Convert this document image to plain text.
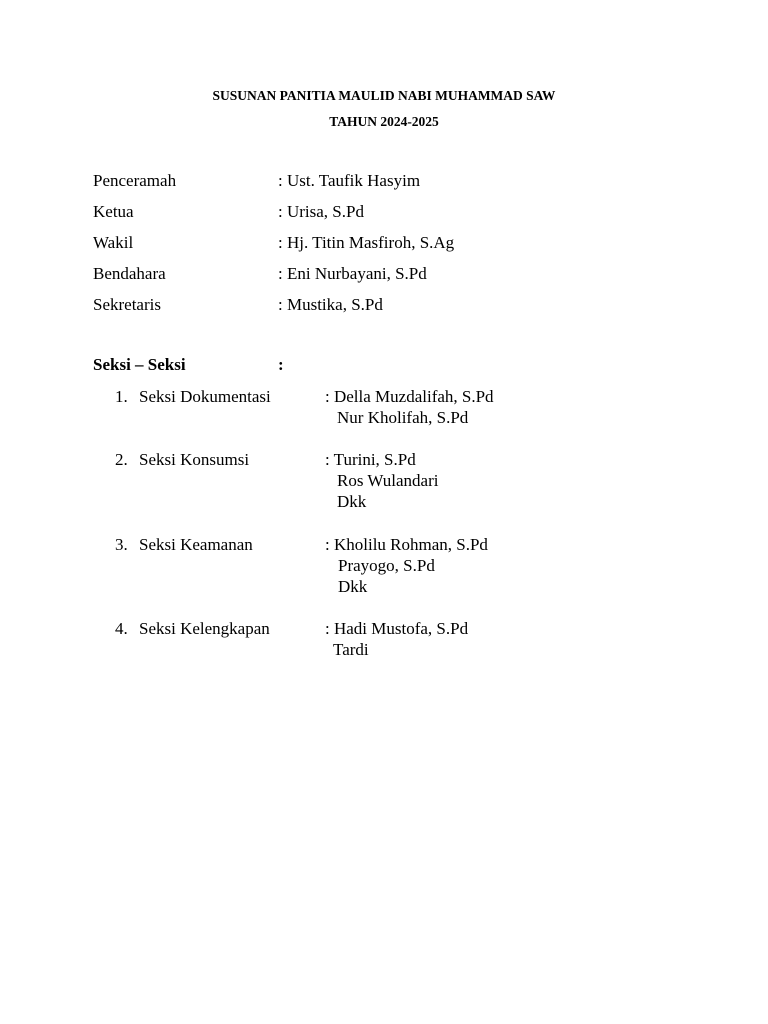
SUSUNAN PANITIA MAULID NABI MUHAMMAD SAW
TAHUN 2024-2025
Penceramah	: Ust. Taufik Hasyim
Ketua	: Urisa, S.Pd
Wakil	: Hj. Titin Masfiroh, S.Ag
Bendahara	: Eni Nurbayani, S.Pd
Sekretaris	: Mustika, S.Pd
Seksi – Seksi	:
1. Seksi Dokumentasi	: Della Muzdalifah, S.Pd
Nur Kholifah, S.Pd
2. Seksi Konsumsi	: Turini, S.Pd
Ros Wulandari
Dkk
3. Seksi Keamanan	: Kholilu Rohman, S.Pd
Prayogo, S.Pd
Dkk
4. Seksi Kelengkapan	: Hadi Mustofa, S.Pd
Tardi
